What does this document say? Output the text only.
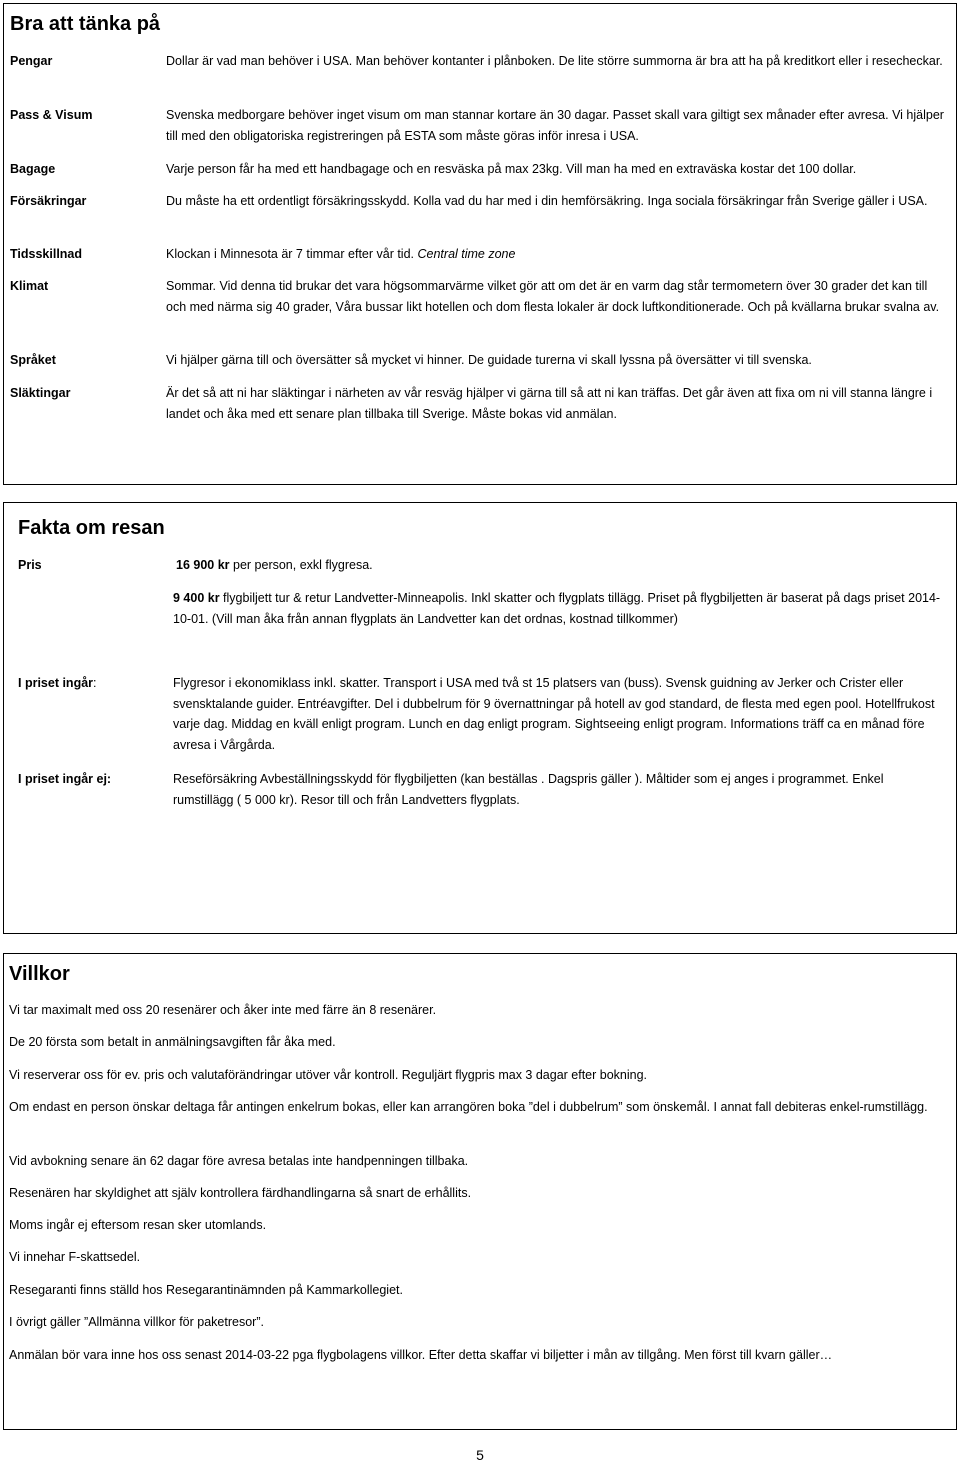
Bra att tänka på
Pengar	Dollar är vad man behöver i USA. Man behöver kontanter i plånboken. De lite större summorna är bra att ha på kreditkort eller i resecheckar.
Pass & Visum	Svenska medborgare behöver inget visum om man stannar kortare än 30 dagar. Passet skall vara giltigt sex månader efter avresa. Vi hjälper till med den obligatoriska registreringen på ESTA som måste göras inför inresa i USA.
Bagage	Varje person får ha med ett handbagage och en resväska på max 23kg. Vill man ha med en extraväska kostar det 100 dollar.
Försäkringar	Du måste ha ett ordentligt försäkringsskydd. Kolla vad du har med i din hemförsäkring. Inga sociala försäkringar från Sverige gäller i USA.
Tidsskillnad	Klockan i Minnesota är 7 timmar efter vår tid. Central time zone
Klimat	Sommar. Vid denna tid brukar det vara högsommarvärme vilket gör att om det är en varm dag står termometern över 30 grader det kan till och med närma sig 40 grader, Våra bussar likt hotellen och dom flesta lokaler är dock luftkonditionerade. Och på kvällarna brukar svalna av.
Språket	Vi hjälper gärna till och översätter så mycket vi hinner. De guidade turerna vi skall lyssna på översätter vi till svenska.
Släktingar	Är det så att ni har släktingar i närheten av vår resväg hjälper vi gärna till så att ni kan träffas. Det går även att fixa om ni vill stanna längre i landet och åka med ett senare plan tillbaka till Sverige. Måste bokas vid anmälan.
Fakta om resan
Pris	16 900 kr per person, exkl flygresa.
9 400 kr flygbiljett tur & retur Landvetter-Minneapolis. Inkl skatter och flygplats tillägg. Priset på flygbiljetten är baserat på dags priset 2014-10-01. (Vill man åka från annan flygplats än Landvetter kan det ordnas, kostnad tillkommer)
I priset ingår:	Flygresor i ekonomiklass inkl. skatter. Transport i USA med två st 15 platsers van (buss). Svensk guidning av Jerker och Crister eller svensktalande guider. Entréavgifter. Del i dubbelrum för 9 övernattningar på hotell av god standard, de flesta med egen pool. Hotellfrukost varje dag. Middag en kväll enligt program. Lunch en dag enligt program. Sightseeing enligt program. Informations träff ca en månad före avresa i Vårgårda.
I priset ingår ej:	Reseförsäkring Avbeställningsskydd för flygbiljetten (kan beställas . Dagspris gäller ). Måltider som ej anges i programmet. Enkel rumstillägg ( 5 000 kr). Resor till och från Landvetters flygplats.
Villkor
Vi tar maximalt med oss 20 resenärer och åker inte med färre än 8 resenärer.
De 20 första som betalt in anmälningsavgiften får åka med.
Vi reserverar oss för ev. pris och valutaförändringar utöver vår kontroll. Reguljärt flygpris max 3 dagar efter bokning.
Om endast en person önskar deltaga får antingen enkelrum bokas, eller kan arrangören boka ”del i dubbelrum” som önskemål. I annat fall debiteras enkel-rumstillägg.
Vid avbokning senare än 62 dagar före avresa betalas inte handpenningen tillbaka.
Resenären har skyldighet att själv kontrollera färdhandlingarna så snart de erhållits.
Moms ingår ej eftersom resan sker utomlands.
Vi innehar F-skattsedel.
Resegaranti finns ställd hos Resegarantinämnden på Kammarkollegiet.
I övrigt gäller ”Allmänna villkor för paketresor”.
Anmälan bör vara inne hos oss senast 2014-03-22 pga flygbolagens villkor. Efter detta skaffar vi biljetter i mån av tillgång. Men först till kvarn gäller…
5
